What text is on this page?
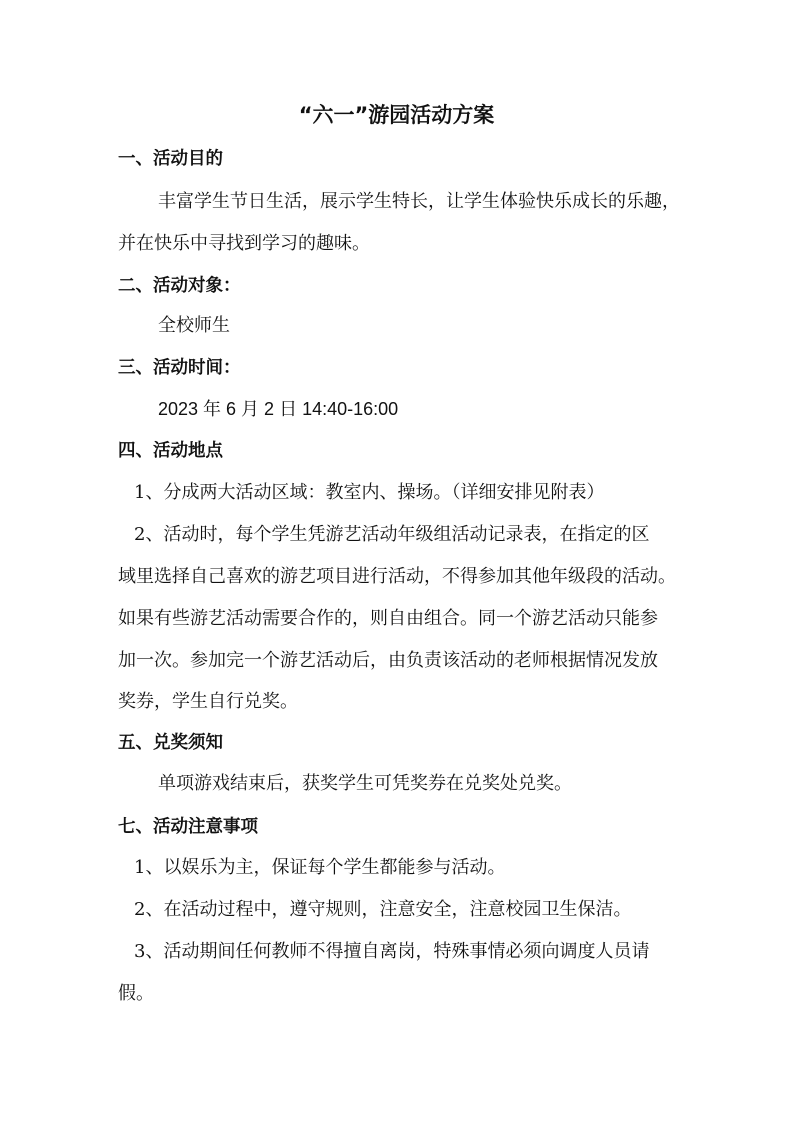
“六一”游园活动方案
一、活动目的
丰富学生节日生活，展示学生特长，让学生体验快乐成长的乐趣，
并在快乐中寻找到学习的趣味。
二、活动对象：
全校师生
三、活动时间：
2023 年 6 月 2 日 14:40-16:00
四、活动地点
1、分成两大活动区域：教室内、操场。（详细安排见附表）
2、活动时，每个学生凭游艺活动年级组活动记录表，在指定的区
域里选择自己喜欢的游艺项目进行活动，不得参加其他年级段的活动。
如果有些游艺活动需要合作的，则自由组合。同一个游艺活动只能参
加一次。参加完一个游艺活动后，由负责该活动的老师根据情况发放
奖券，学生自行兑奖。
五、兑奖须知
单项游戏结束后，获奖学生可凭奖券在兑奖处兑奖。
七、活动注意事项
1、以娱乐为主，保证每个学生都能参与活动。
2、在活动过程中，遵守规则，注意安全，注意校园卫生保洁。
3、活动期间任何教师不得擅自离岗，特殊事情必须向调度人员请
假。
